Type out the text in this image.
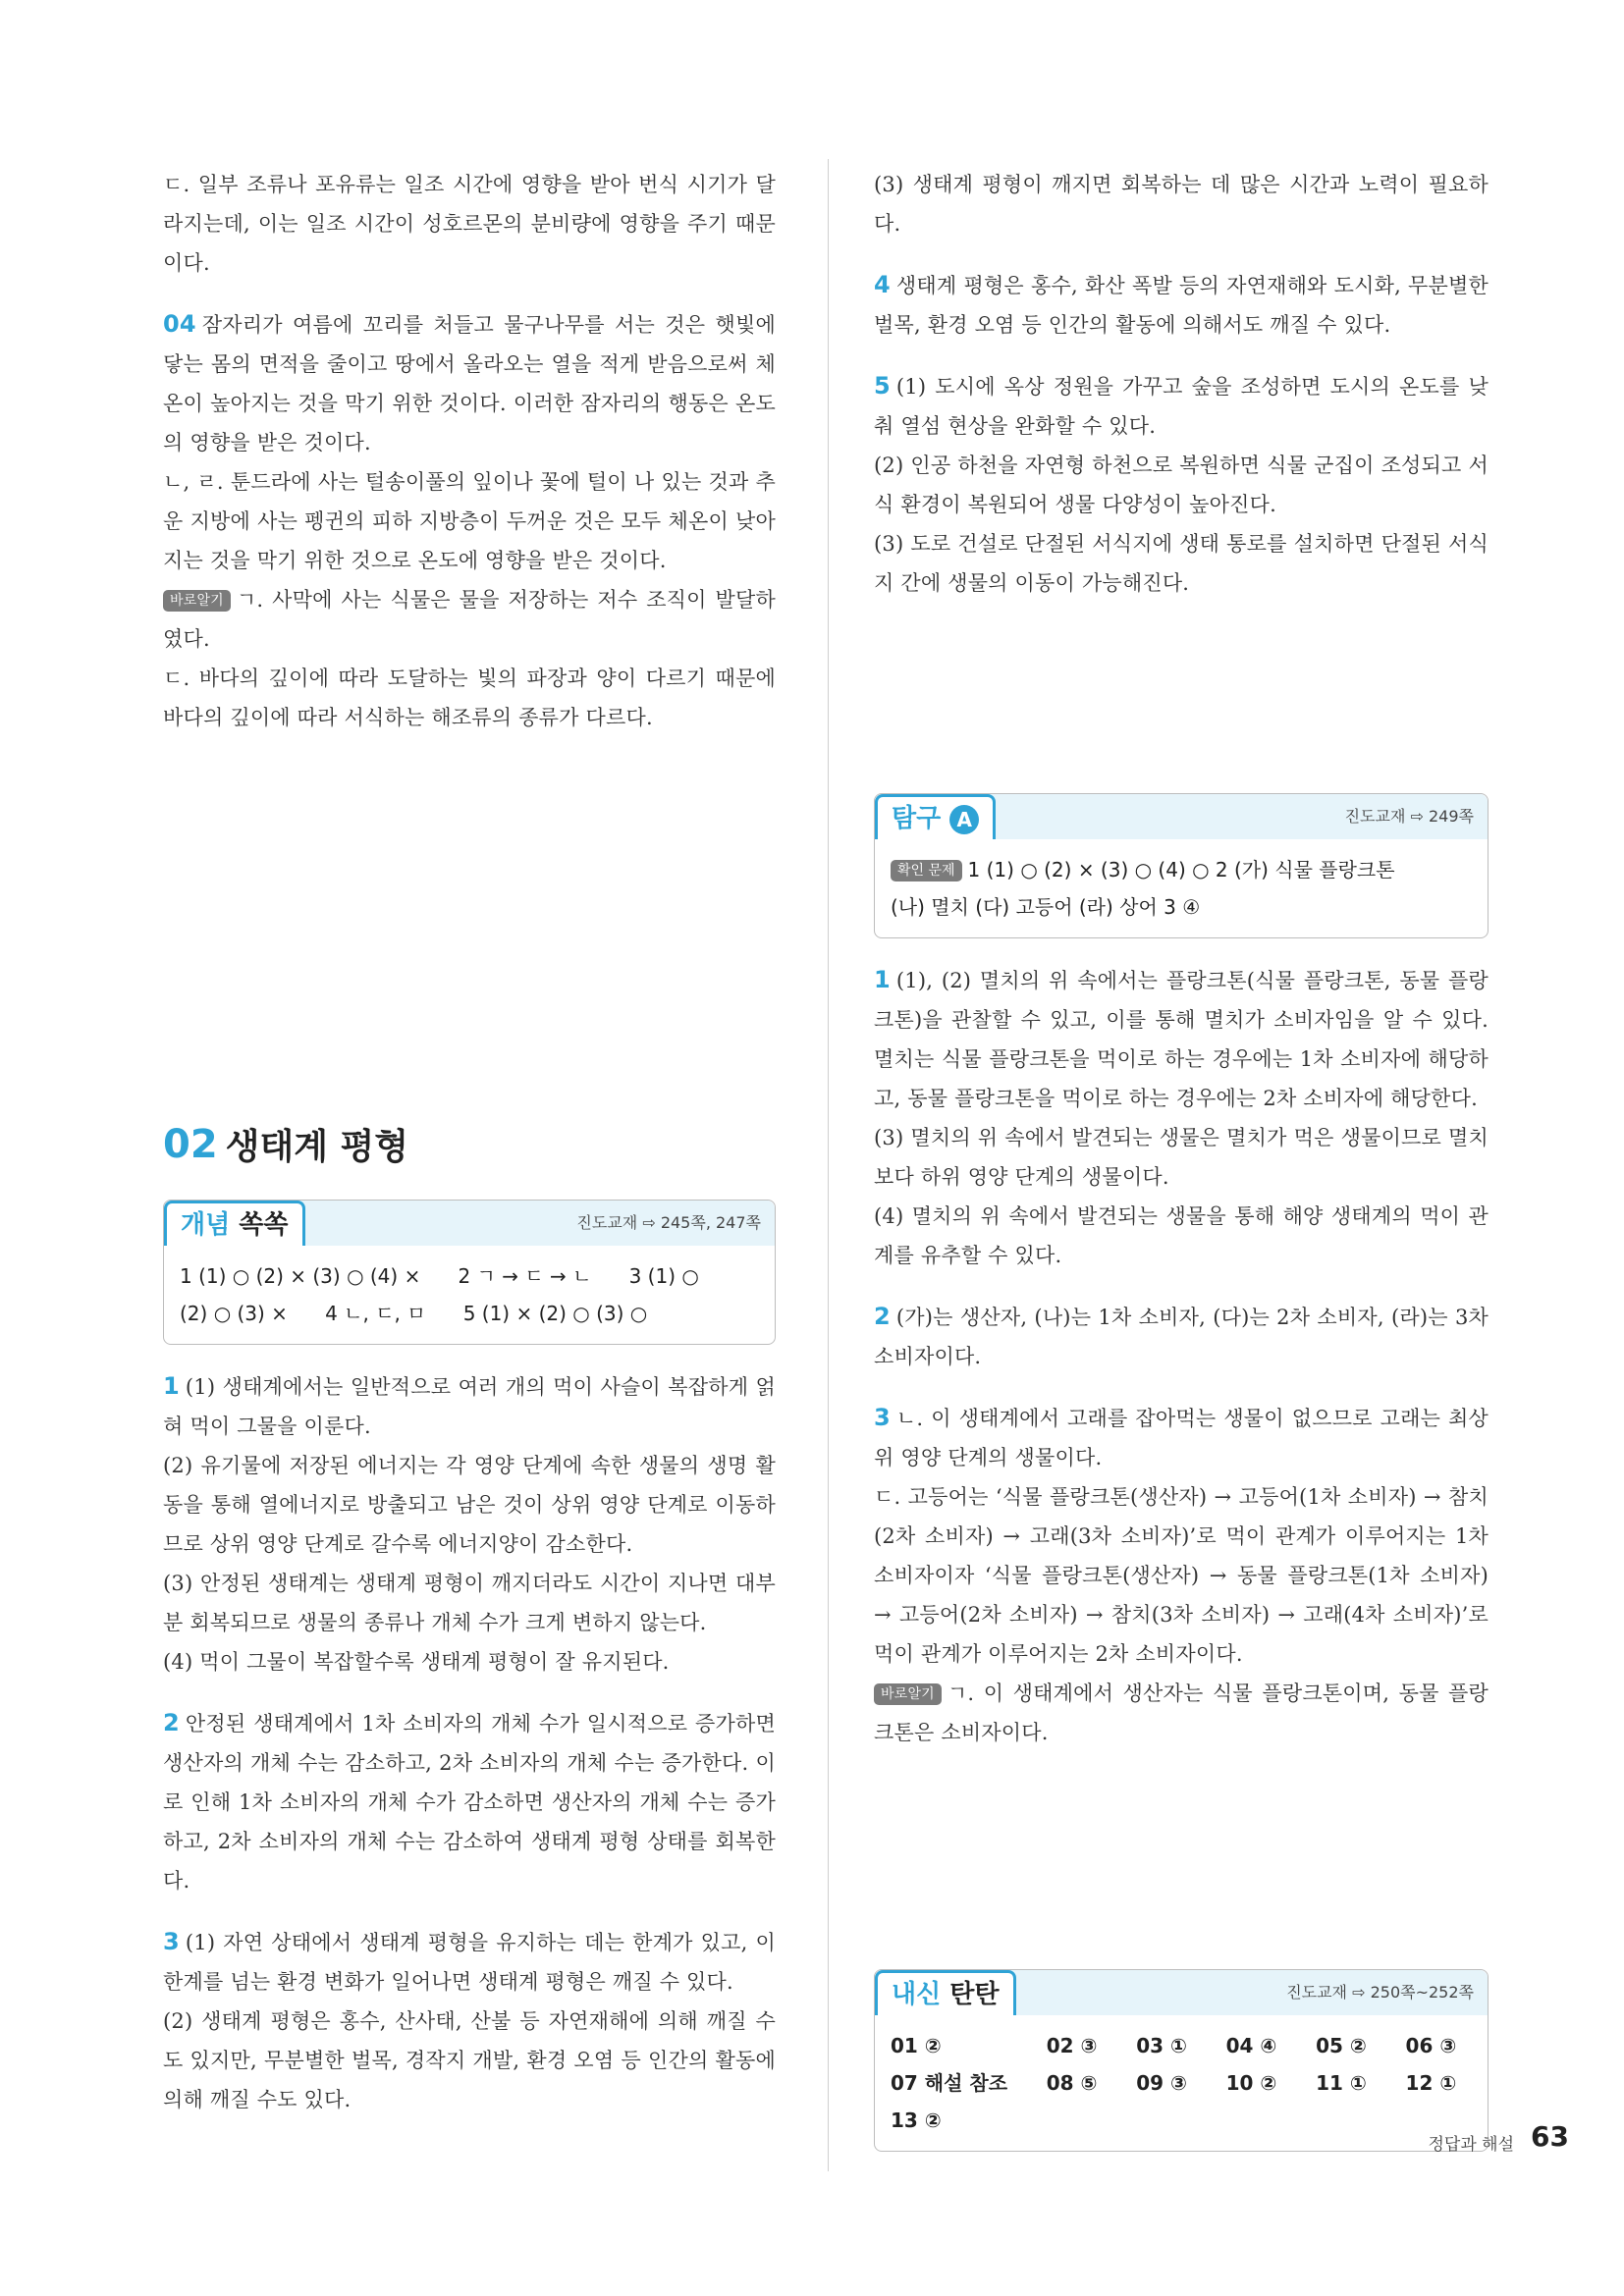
ㄷ. 일부 조류나 포유류는 일조 시간에 영향을 받아 번식 시기가 달라지는데, 이는 일조 시간이 성호르몬의 분비량에 영향을 주기 때문이다.

04 잠자리가 여름에 꼬리를 처들고 물구나무를 서는 것은 햇빛에 닿는 몸의 면적을 줄이고 땅에서 올라오는 열을 적게 받음으로써 체온이 높아지는 것을 막기 위한 것이다. 이러한 잠자리의 행동은 온도의 영향을 받은 것이다.

ㄴ, ㄹ. 툰드라에 사는 털송이풀의 잎이나 꽃에 털이 나 있는 것과 추운 지방에 사는 펭귄의 피하 지방층이 두꺼운 것은 모두 체온이 낮아지는 것을 막기 위한 것으로 온도에 영향을 받은 것이다.

바로알기 ㄱ. 사막에 사는 식물은 물을 저장하는 저수 조직이 발달하였다.

ㄷ. 바다의 깊이에 따라 도달하는 빛의 파장과 양이 다르기 때문에 바다의 깊이에 따라 서식하는 해조류의 종류가 다르다.

02 생태계 평형
개념 쏙쏙	진도교재 ⇨ 245쪽, 247쪽
1 (1) ○ (2) × (3) ○ (4) ×      2 ㄱ → ㄷ → ㄴ      3 (1) ○
(2) ○ (3) ×      4 ㄴ, ㄷ, ㅁ      5 (1) × (2) ○ (3) ○

1 (1) 생태계에서는 일반적으로 여러 개의 먹이 사슬이 복잡하게 얽혀 먹이 그물을 이룬다.

(2) 유기물에 저장된 에너지는 각 영양 단계에 속한 생물의 생명 활동을 통해 열에너지로 방출되고 남은 것이 상위 영양 단계로 이동하므로 상위 영양 단계로 갈수록 에너지양이 감소한다.

(3) 안정된 생태계는 생태계 평형이 깨지더라도 시간이 지나면 대부분 회복되므로 생물의 종류나 개체 수가 크게 변하지 않는다.

(4) 먹이 그물이 복잡할수록 생태계 평형이 잘 유지된다.

2 안정된 생태계에서 1차 소비자의 개체 수가 일시적으로 증가하면 생산자의 개체 수는 감소하고, 2차 소비자의 개체 수는 증가한다. 이로 인해 1차 소비자의 개체 수가 감소하면 생산자의 개체 수는 증가하고, 2차 소비자의 개체 수는 감소하여 생태계 평형 상태를 회복한다.

3 (1) 자연 상태에서 생태계 평형을 유지하는 데는 한계가 있고, 이 한계를 넘는 환경 변화가 일어나면 생태계 평형은 깨질 수 있다.

(2) 생태계 평형은 홍수, 산사태, 산불 등 자연재해에 의해 깨질 수도 있지만, 무분별한 벌목, 경작지 개발, 환경 오염 등 인간의 활동에 의해 깨질 수도 있다.

(3) 생태계 평형이 깨지면 회복하는 데 많은 시간과 노력이 필요하다.

4 생태계 평형은 홍수, 화산 폭발 등의 자연재해와 도시화, 무분별한 벌목, 환경 오염 등 인간의 활동에 의해서도 깨질 수 있다.

5 (1) 도시에 옥상 정원을 가꾸고 숲을 조성하면 도시의 온도를 낮춰 열섬 현상을 완화할 수 있다.

(2) 인공 하천을 자연형 하천으로 복원하면 식물 군집이 조성되고 서식 환경이 복원되어 생물 다양성이 높아진다.

(3) 도로 건설로 단절된 서식지에 생태 통로를 설치하면 단절된 서식지 간에 생물의 이동이 가능해진다.

탐구 A	진도교재 ⇨ 249쪽
확인 문제 1 (1) ○ (2) × (3) ○ (4) ○ 2 (가) 식물 플랑크톤
(나) 멸치 (다) 고등어 (라) 상어 3 ④

1 (1), (2) 멸치의 위 속에서는 플랑크톤(식물 플랑크톤, 동물 플랑크톤)을 관찰할 수 있고, 이를 통해 멸치가 소비자임을 알 수 있다. 멸치는 식물 플랑크톤을 먹이로 하는 경우에는 1차 소비자에 해당하고, 동물 플랑크톤을 먹이로 하는 경우에는 2차 소비자에 해당한다.

(3) 멸치의 위 속에서 발견되는 생물은 멸치가 먹은 생물이므로 멸치보다 하위 영양 단계의 생물이다.

(4) 멸치의 위 속에서 발견되는 생물을 통해 해양 생태계의 먹이 관계를 유추할 수 있다.

2 (가)는 생산자, (나)는 1차 소비자, (다)는 2차 소비자, (라)는 3차 소비자이다.

3 ㄴ. 이 생태계에서 고래를 잡아먹는 생물이 없으므로 고래는 최상위 영양 단계의 생물이다.

ㄷ. 고등어는 ‘식물 플랑크톤(생산자) → 고등어(1차 소비자) → 참치(2차 소비자) → 고래(3차 소비자)’로 먹이 관계가 이루어지는 1차 소비자이자 ‘식물 플랑크톤(생산자) → 동물 플랑크톤(1차 소비자) → 고등어(2차 소비자) → 참치(3차 소비자) → 고래(4차 소비자)’로 먹이 관계가 이루어지는 2차 소비자이다.

바로알기 ㄱ. 이 생태계에서 생산자는 식물 플랑크톤이며, 동물 플랑크톤은 소비자이다.

내신 탄탄	진도교재 ⇨ 250쪽~252쪽
01 ②	02 ③	03 ①	04 ④	05 ②	06 ③
07 해설 참조	08 ⑤	09 ③	10 ②	11 ①	12 ①
13 ②
정답과 해설 63
